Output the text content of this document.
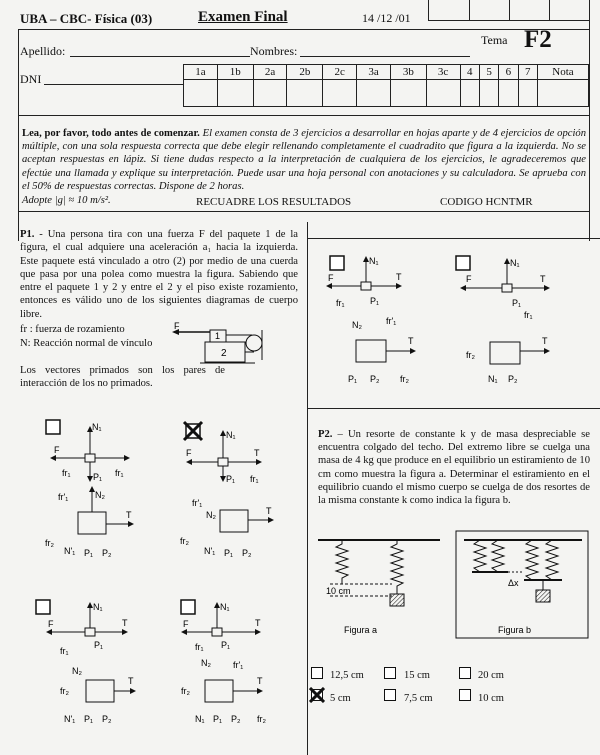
UBA – CBC- Física (03)	Examen Final	14 /12 /01
Tema F2
Apellido:	Nombres:
DNI	1a	1b	2a	2b	2c	3a	3b	3c	4	5	6	7	Nota

Lea, por favor, todo antes de comenzar. El examen consta de 3 ejercicios a desarrollar en hojas aparte y de 4 ejercicios de opción múltiple, con una sola respuesta correcta que debe elegir rellenando completamente el cuadradito que figura a la izquierda. No se aceptan respuestas en lápiz. Si tiene dudas respecto a la interpretación de cualquiera de los ejercicios, le agradeceremos que efectúe una llamada y explique su interpretación. Puede usar una hoja personal con anotaciones y su calculadora. Se aprueba con el 50% de respuestas correctas. Dispone de 2 horas.
Adopte |g| ≈ 10 m/s².	RECUADRE LOS RESULTADOS	CODIGO HCNTMR
P1. - Una persona tira con una fuerza F del paquete 1 de la figura, el cual adquiere una aceleración a₁ hacia la izquierda. Este paquete está vinculado a otro (2) por medio de una cuerda que pasa por una polea como muestra la figura. Sabiendo que entre el paquete 1 y 2 y entre el 2 y el piso existe rozamiento, entonces es válido uno de los siguientes diagramas de cuerpo libre.
fr : fuerza de rozamiento
N: Reacción normal de vínculo
Los vectores primados son los pares de interacción de los no primados.
F
1
2
N₁
F
P₁
fr₁	fr₁
N₂
fr'₁
T
fr₂
N'₁ P₁ P₂
N₁
F	T
P₁ fr₁
fr'₁
N₂	T
fr₂
N'₁ P₁ P₂
N₁
F	T
fr₁
P₁
N₂
T
fr₂
N'₁ P₁ P₂
N₁
F	T
fr₁ P₁
N₂ fr'₁
T
fr₂
N₁ P₁ P₂ fr₂
N₁
F	T
fr₁	P₁
N₂	fr'₁
T
P₁ P₂ fr₂
N₁
F	T
P₁
fr₁
T
fr₂
N₁ P₂
P2. – Un resorte de constante k y de masa despreciable se encuentra colgado del techo. Del extremo libre se cuelga una masa de 4 kg que produce en el equilibrio un estiramiento de 10 cm como muestra la figura a. Determinar el estiramiento en el equilibrio cuando el mismo cuerpo se cuelga de dos resortes de la misma constante k como indica la figura b.
10 cm
Figura a
Δx
Figura b
12,5 cm	15 cm	20 cm
5 cm	7,5 cm	10 cm
